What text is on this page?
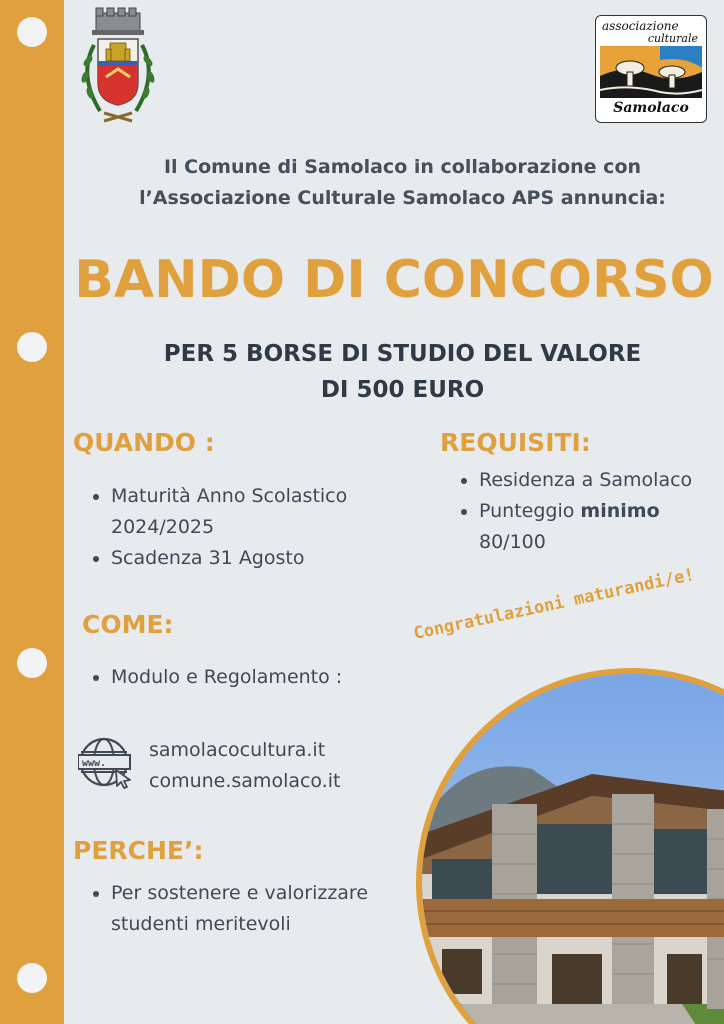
associazione
culturale
Samolaco
Il Comune di Samolaco in collaborazione con
l’Associazione Culturale Samolaco APS annuncia:
BANDO DI CONCORSO
PER 5 BORSE DI STUDIO DEL VALORE
DI 500 EURO
QUANDO :
Maturità Anno Scolastico 2024/2025
Scadenza 31 Agosto
REQUISITI:
Residenza a Samolaco
Punteggio minimo 80/100
COME:
Modulo e Regolamento :
www.
samolacocultura.it
comune.samolaco.it
PERCHE’:
Per sostenere e valorizzare studenti meritevoli
Congratulazioni maturandi/e!
